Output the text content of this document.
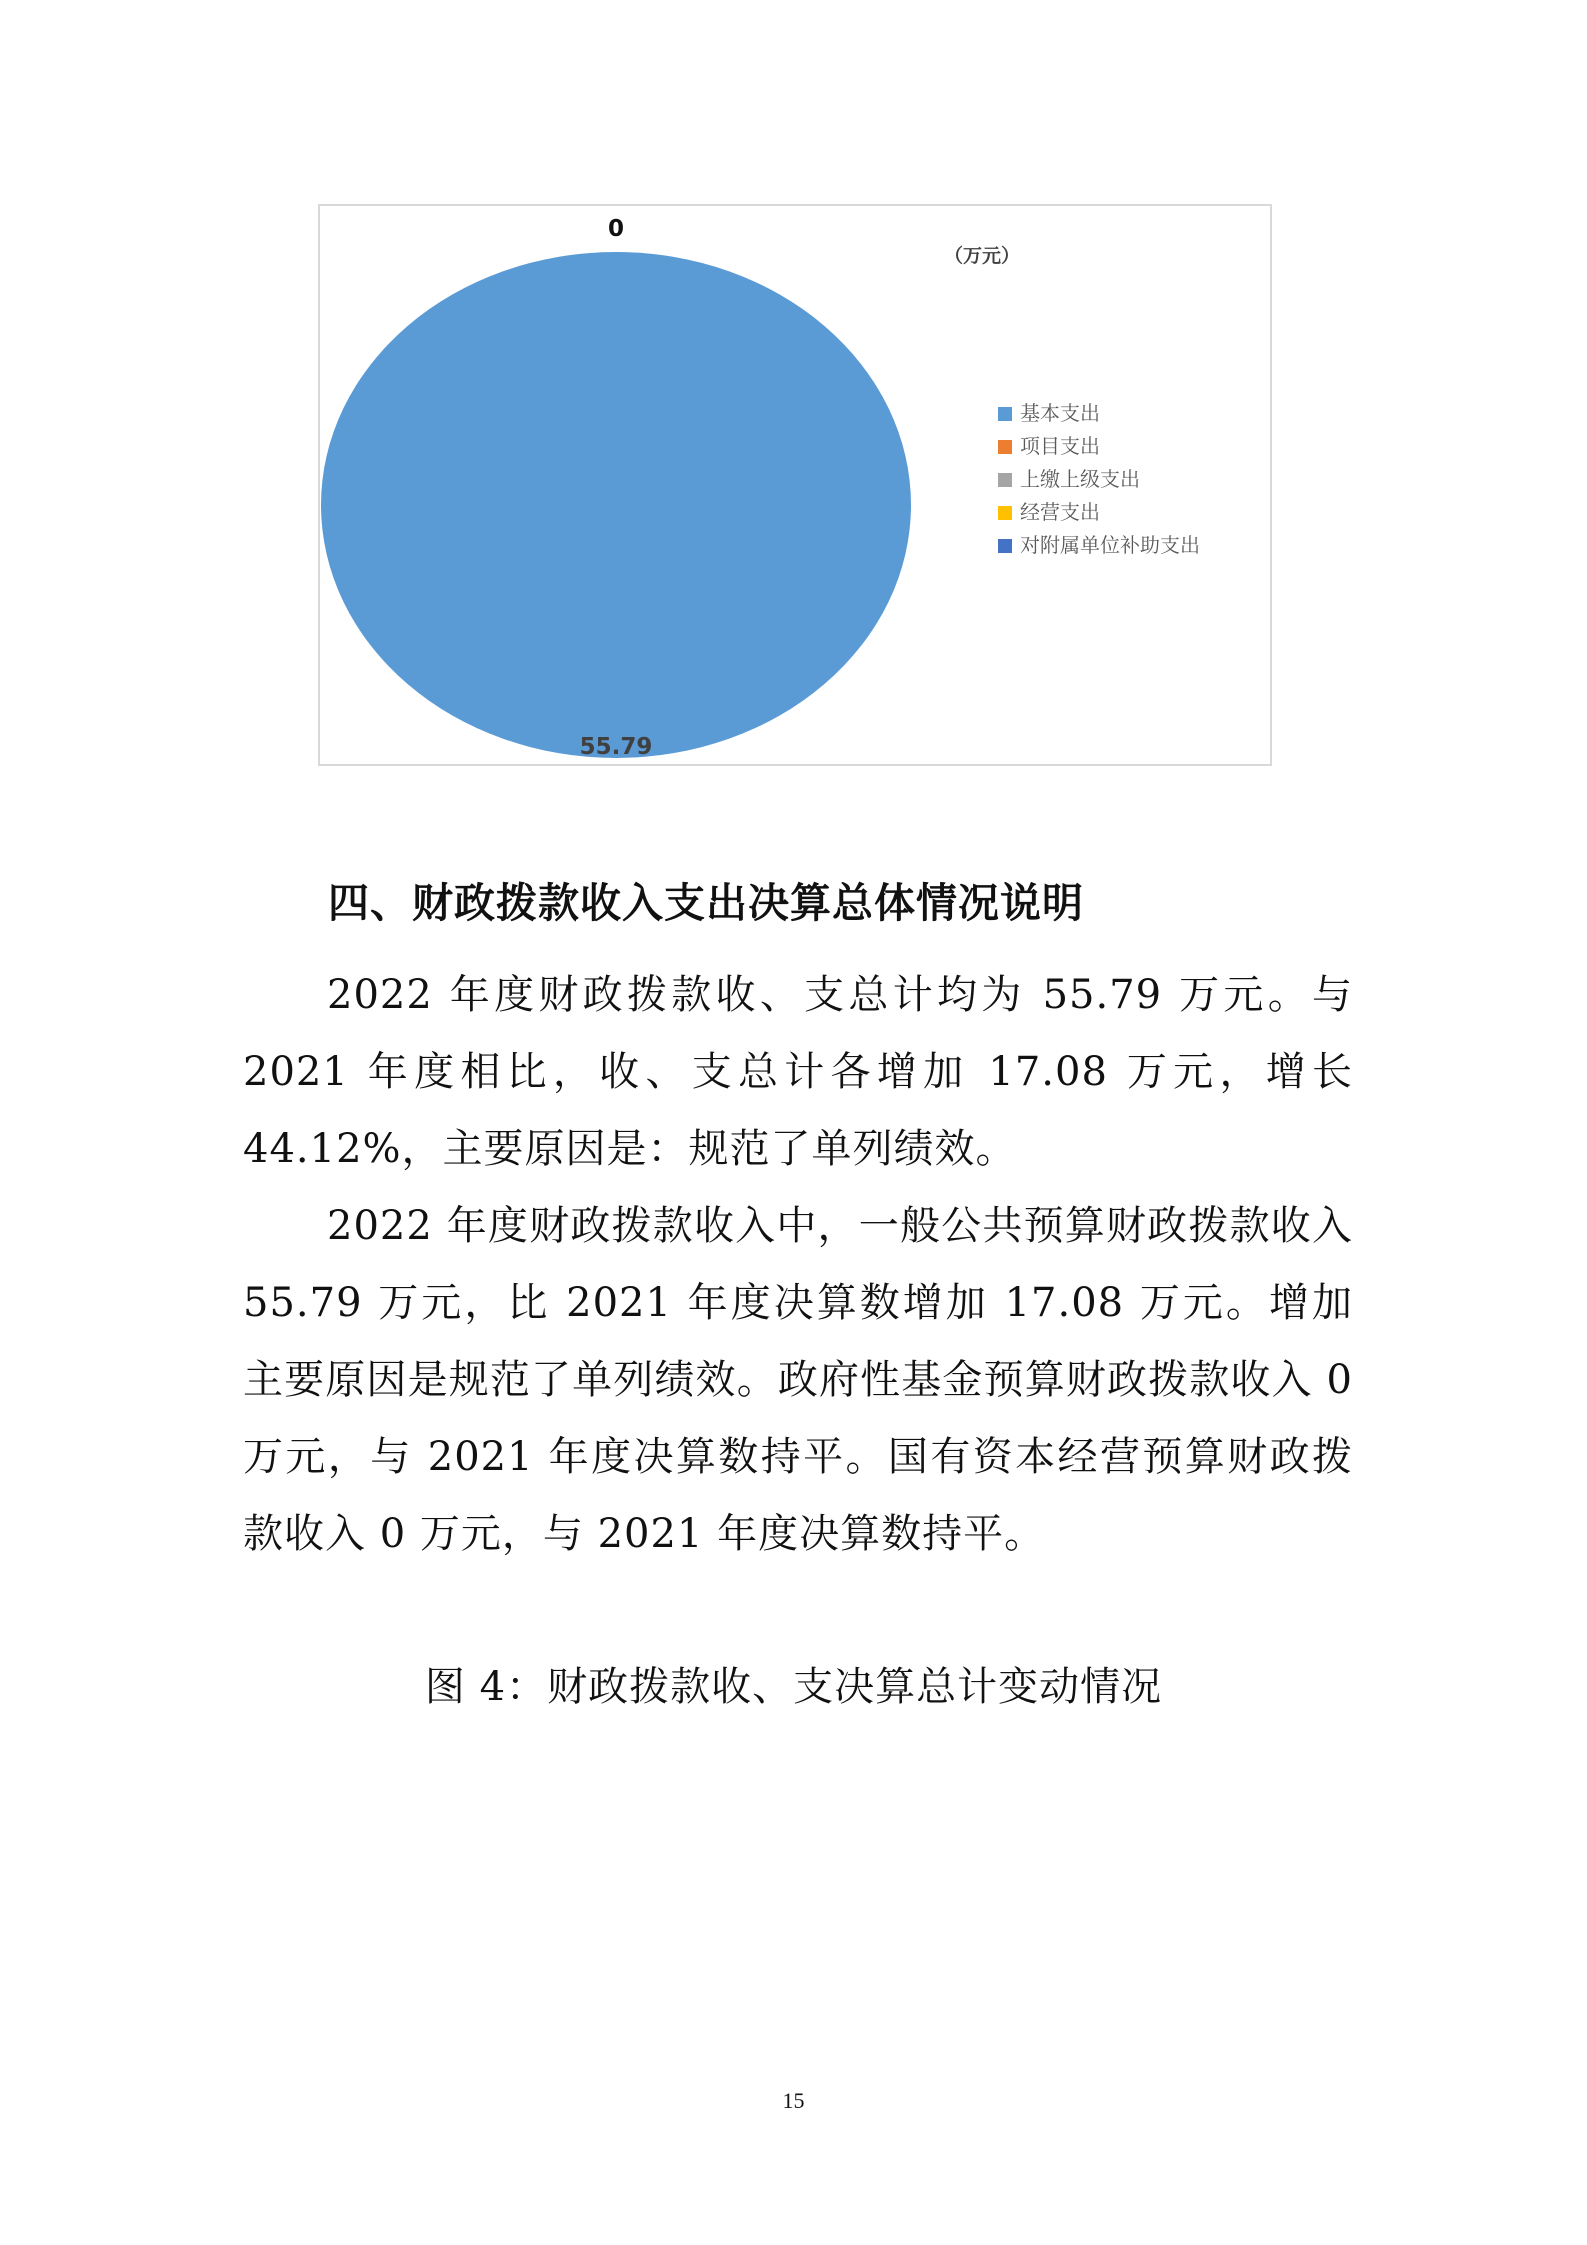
55.79
0
（万元）
基本支出
项目支出
上缴上级支出
经营支出
对附属单位补助支出
四、财政拨款收入支出决算总体情况说明

2022 年度财政拨款收、支总计均为 55.79 万元。与 2021 年度相比，收、支总计各增加 17.08 万元，增长 44.12%，主要原因是：规范了单列绩效。

2022 年度财政拨款收入中，一般公共预算财政拨款收入 55.79 万元，比 2021 年度决算数增加 17.08 万元。增加主要原因是规范了单列绩效。政府性基金预算财政拨款收入 0 万元，与 2021 年度决算数持平。国有资本经营预算财政拨款收入 0 万元，与 2021 年度决算数持平。

图 4：财政拨款收、支决算总计变动情况
15
